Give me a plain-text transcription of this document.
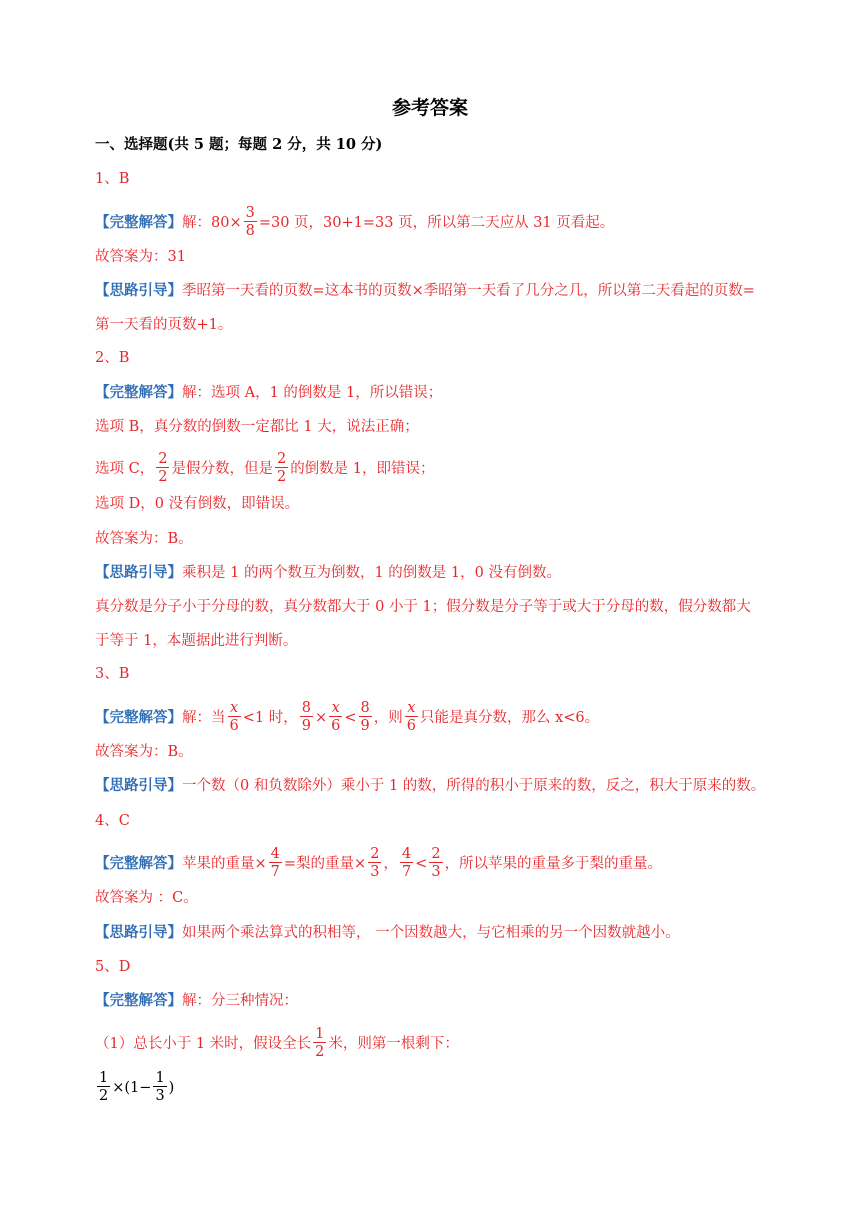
参考答案
一、选择题(共 5 题；每题 2 分，共 10 分)
1、B
【完整解答】解：$80\times \frac{3}{8} =30$ 页，30+1=33 页，所以第二天应从 31 页看起。
故答案为：31
【思路引导】季昭第一天看的页数=这本书的页数×季昭第一天看了几分之几，所以第二天看起的页数=
第一天看的页数+1。
2、B
【完整解答】解：选项 A，1 的倒数是 1，所以错误；
选项 B，真分数的倒数一定都比 1 大，说法正确；
选项 C， $\frac{2}{2}$ 是假分数，但是 $\frac{2}{2}$ 的倒数是 1，即错误；
选项 D，0 没有倒数，即错误。
故答案为：B。
【思路引导】乘积是 1 的两个数互为倒数，1 的倒数是 1，0 没有倒数。
真分数是分子小于分母的数，真分数都大于 0 小于 1；假分数是分子等于或大于分母的数，假分数都大
于等于 1，本题据此进行判断。
3、B
【完整解答】解：当 $\frac{x}{6} <1$ 时， $\frac{8}{9} \times \frac{x}{6} < \frac{8}{9}$ ，则 $\frac{x}{6}$ 只能是真分数，那么 x<6。
故答案为：B。
【思路引导】一个数（0 和负数除外）乘小于 1 的数，所得的积小于原来的数，反之，积大于原来的数。
4、C
【完整解答】苹果的重量× $\frac{4}{7}$ =梨的重量× $\frac{2}{3}$ ， $\frac{4}{7} < \frac{2}{3}$ ，所以苹果的重量多于梨的重量。
故答案为 ：C。
【思路引导】如果两个乘法算式的积相等， 一个因数越大，与它相乘的另一个因数就越小。
5、D
【完整解答】解：分三种情况：
（1）总长小于 1 米时，假设全长 $\frac{1}{2}$ 米，则第一根剩下：
$\frac{1}{2} \times(1- \frac{1}{3}$ )
